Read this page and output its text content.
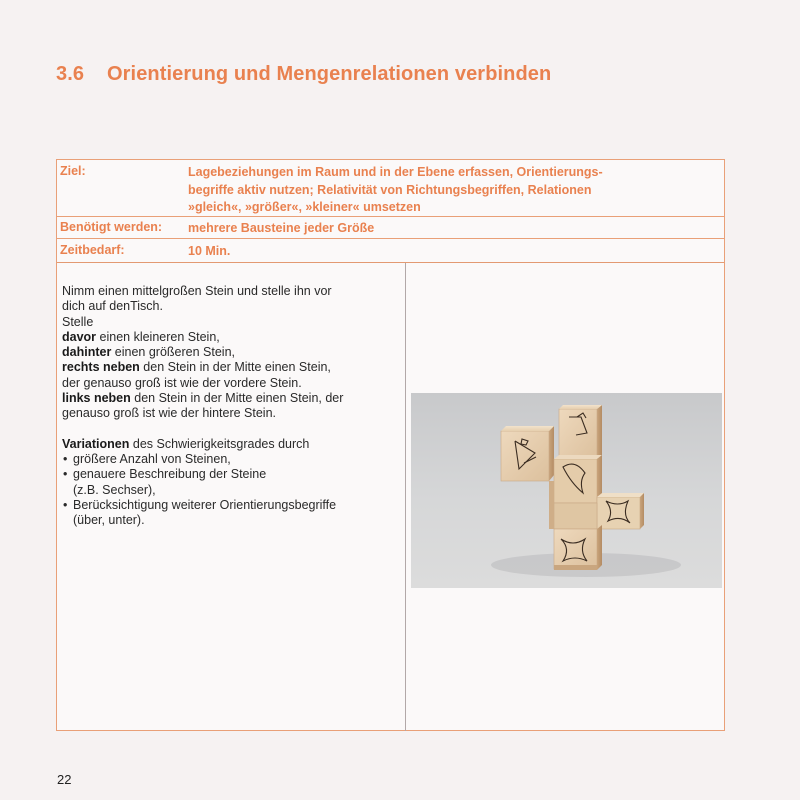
3.6 Orientierung und Mengenrelationen verbinden
Ziel:	Lagebeziehungen im Raum und in der Ebene erfassen, Orientierungs-
begriffe aktiv nutzen; Relativität von Richtungsbegriffen, Relationen
»gleich«, »größer«, »kleiner« umsetzen
Benötigt werden: mehrere Bausteine jeder Größe
Zeitbedarf:	10 Min.

Nimm einen mittelgroßen Stein und stelle ihn vor

dich auf denTisch.

Stelle

davor einen kleineren Stein,

dahinter einen größeren Stein,

rechts neben den Stein in der Mitte einen Stein,

der genauso groß ist wie der vordere Stein.

links neben den Stein in der Mitte einen Stein, der

genauso groß ist wie der hintere Stein.

Variationen des Schwierigkeitsgrades durch

• größere Anzahl von Steinen,
• genauere Beschreibung der Steine
(z.B. Sechser),
• Berücksichtigung weiterer Orientierungsbegriffe
(über, unter).
22
